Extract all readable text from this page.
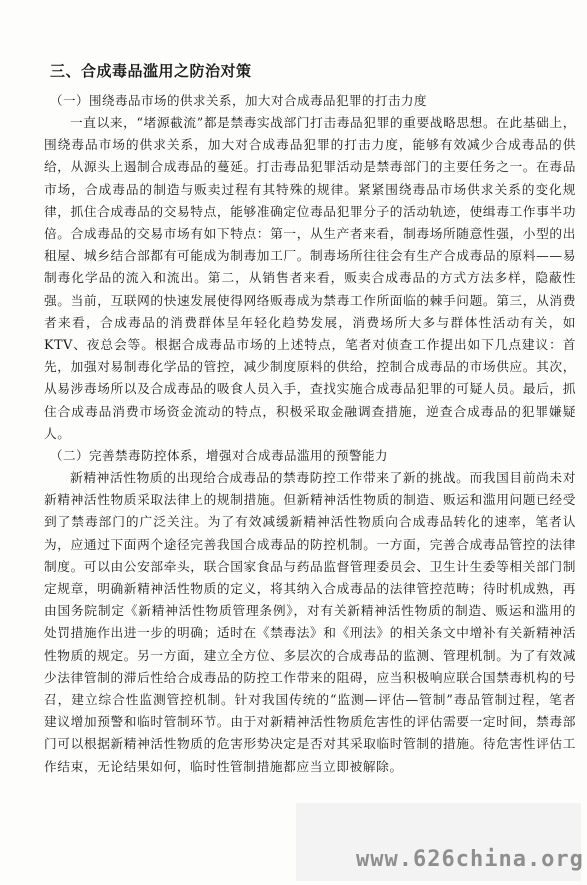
三、合成毒品滥用之防治对策
（一）围绕毒品市场的供求关系，加大对合成毒品犯罪的打击力度

一直以来，“堵源截流”都是禁毒实战部门打击毒品犯罪的重要战略思想。在此基础上，围绕毒品市场的供求关系，加大对合成毒品犯罪的打击力度，能够有效减少合成毒品的供给，从源头上遏制合成毒品的蔓延。打击毒品犯罪活动是禁毒部门的主要任务之一。在毒品市场，合成毒品的制造与贩卖过程有其特殊的规律。紧紧围绕毒品市场供求关系的变化规律，抓住合成毒品的交易特点，能够准确定位毒品犯罪分子的活动轨迹，使缉毒工作事半功倍。合成毒品的交易市场有如下特点：第一，从生产者来看，制毒场所随意性强，小型的出租屋、城乡结合部都有可能成为制毒加工厂。制毒场所往往会有生产合成毒品的原料——易制毒化学品的流入和流出。第二，从销售者来看，贩卖合成毒品的方式方法多样，隐蔽性强。当前，互联网的快速发展使得网络贩毒成为禁毒工作所面临的棘手问题。第三，从消费者来看，合成毒品的消费群体呈年轻化趋势发展，消费场所大多与群体性活动有关，如KTV、夜总会等。根据合成毒品市场的上述特点，笔者对侦查工作提出如下几点建议：首先，加强对易制毒化学品的管控，减少制度原料的供给，控制合成毒品的市场供应。其次，从易涉毒场所以及合成毒品的吸食人员入手，查找实施合成毒品犯罪的可疑人员。最后，抓住合成毒品消费市场资金流动的特点，积极采取金融调查措施，逆查合成毒品的犯罪嫌疑人。

（二）完善禁毒防控体系，增强对合成毒品滥用的预警能力

新精神活性物质的出现给合成毒品的禁毒防控工作带来了新的挑战。而我国目前尚未对新精神活性物质采取法律上的规制措施。但新精神活性物质的制造、贩运和滥用问题已经受到了禁毒部门的广泛关注。为了有效减缓新精神活性物质向合成毒品转化的速率，笔者认为，应通过下面两个途径完善我国合成毒品的防控机制。一方面，完善合成毒品管控的法律制度。可以由公安部牵头，联合国家食品与药品监督管理委员会、卫生计生委等相关部门制定规章，明确新精神活性物质的定义，将其纳入合成毒品的法律管控范畴；待时机成熟，再由国务院制定《新精神活性物质管理条例》，对有关新精神活性物质的制造、贩运和滥用的处罚措施作出进一步的明确；适时在《禁毒法》和《刑法》的相关条文中增补有关新精神活性物质的规定。另一方面，建立全方位、多层次的合成毒品的监测、管理机制。为了有效减少法律管制的滞后性给合成毒品的防控工作带来的阻碍，应当积极响应联合国禁毒机构的号召，建立综合性监测管控机制。针对我国传统的“监测—评估—管制”毒品管制过程，笔者建议增加预警和临时管制环节。由于对新精神活性物质危害性的评估需要一定时间，禁毒部门可以根据新精神活性物质的危害形势决定是否对其采取临时管制的措施。待危害性评估工作结束，无论结果如何，临时性管制措施都应当立即被解除。

www.626china.org
